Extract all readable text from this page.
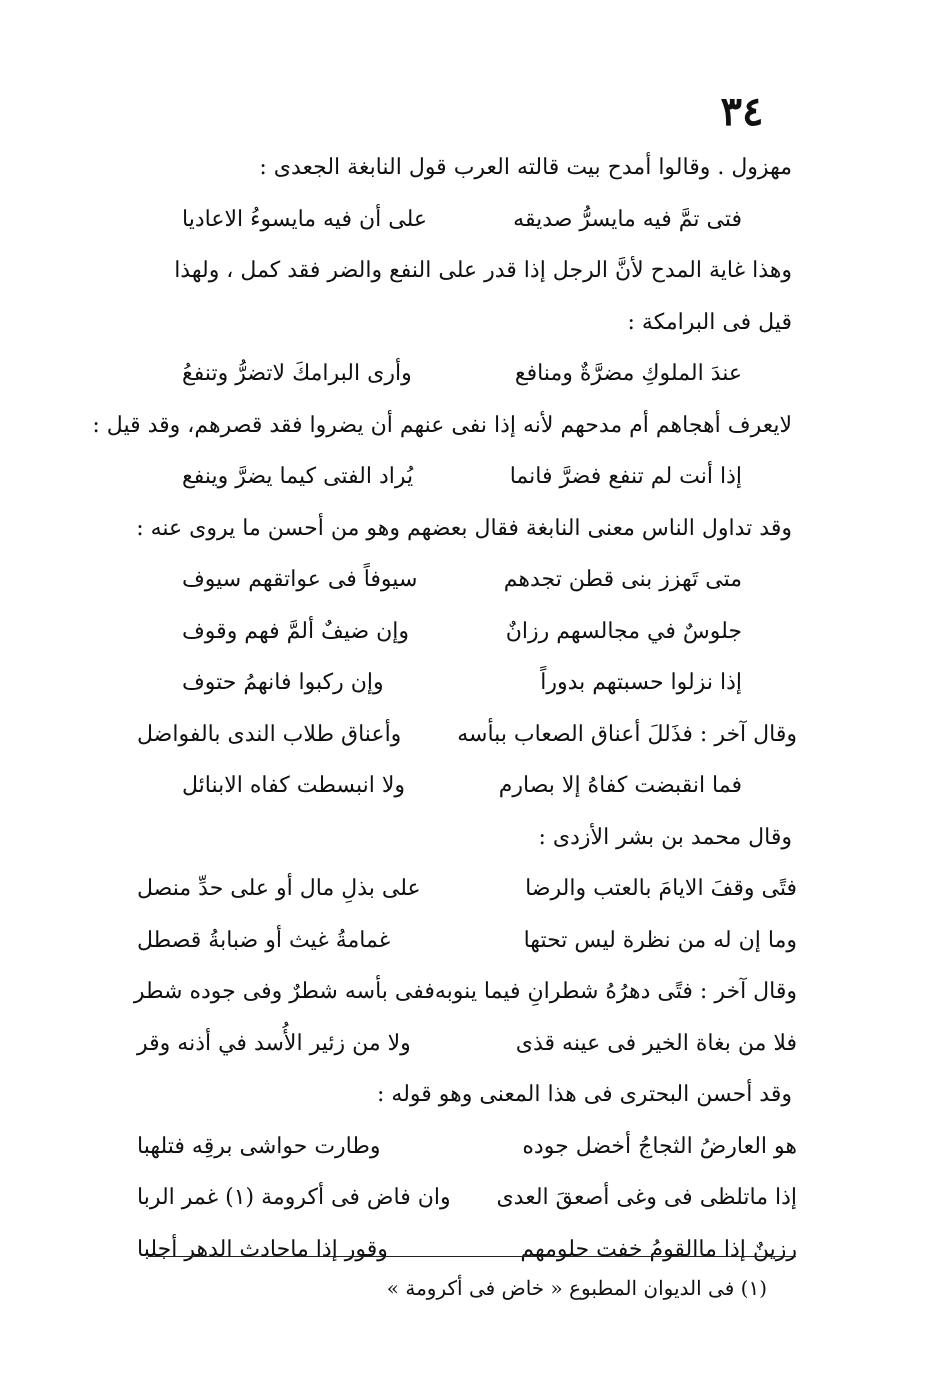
٣٤
مهزول . وقالوا أمدح بيت قالته العرب قول النابغة الجعدى :
فتى تمَّ فيه مايسرُّ صديقه
على أن فيه مايسوءُ الاعاديا
وهذا غاية المدح لأنَّ الرجل إذا قدر على النفع والضر فقد كمل ، ولهذا
قيل فى البرامكة :
عندَ الملوكِ مضرَّةٌ ومنافع
وأرى البرامكَ لاتضرُّ وتنفعُ
لايعرف أهجاهم أم مدحهم لأنه إذا نفى عنهم أن يضروا فقد قصرهم، وقد قيل :
إذا أنت لم تنفع فضرَّ فانما
يُراد الفتى كيما يضرَّ وينفع
وقد تداول الناس معنى النابغة فقال بعضهم وهو من أحسن ما يروى عنه :
متى تَهزز بنى قطن تجدهم
سيوفاً فى عواتقهم سيوف
جلوسٌ في مجالسهم رزانٌ
وإن ضيفٌ ألمَّ فهم وقوف
إذا نزلوا حسبتهم بدوراً
وإن ركبوا فانهمُ حتوف
وقال آخر : فذَللَ أعناق الصعاب ببأسه
وأعناق طلاب الندى بالفواضل
فما انقبضت كفاهُ إلا بصارم
ولا انبسطت كفاه الابنائل
وقال محمد بن بشر الأزدى :
فتًى وقفَ الايامَ بالعتب والرضا
على بذلِ مال أو على حدِّ منصل
وما إن له من نظرة ليس تحتها
غمامةُ غيث أو ضبابةُ قصطل
وقال آخر : فتًى دهرُهُ شطرانِ فيما ينوبه
ففى بأسه شطرٌ وفى جوده شطر
فلا من بغاة الخير فى عينه قذى
ولا من زئير الأُسد في أذنه وقر
وقد أحسن البحترى فى هذا المعنى وهو قوله :
هو العارضُ الثجاجُ أخضل جوده
وطارت حواشى برقِه فتلهبا
إذا ماتلظى فى وغى أصعقَ العدى
وان فاض فى أكرومة (١) غمر الربا
رزينٌ إذا ماالقومُ خفت حلومهم
وقور إذا ماحادث الدهر أجلبا
(١) فى الديوان المطبوع « خاض فى أكرومة »
